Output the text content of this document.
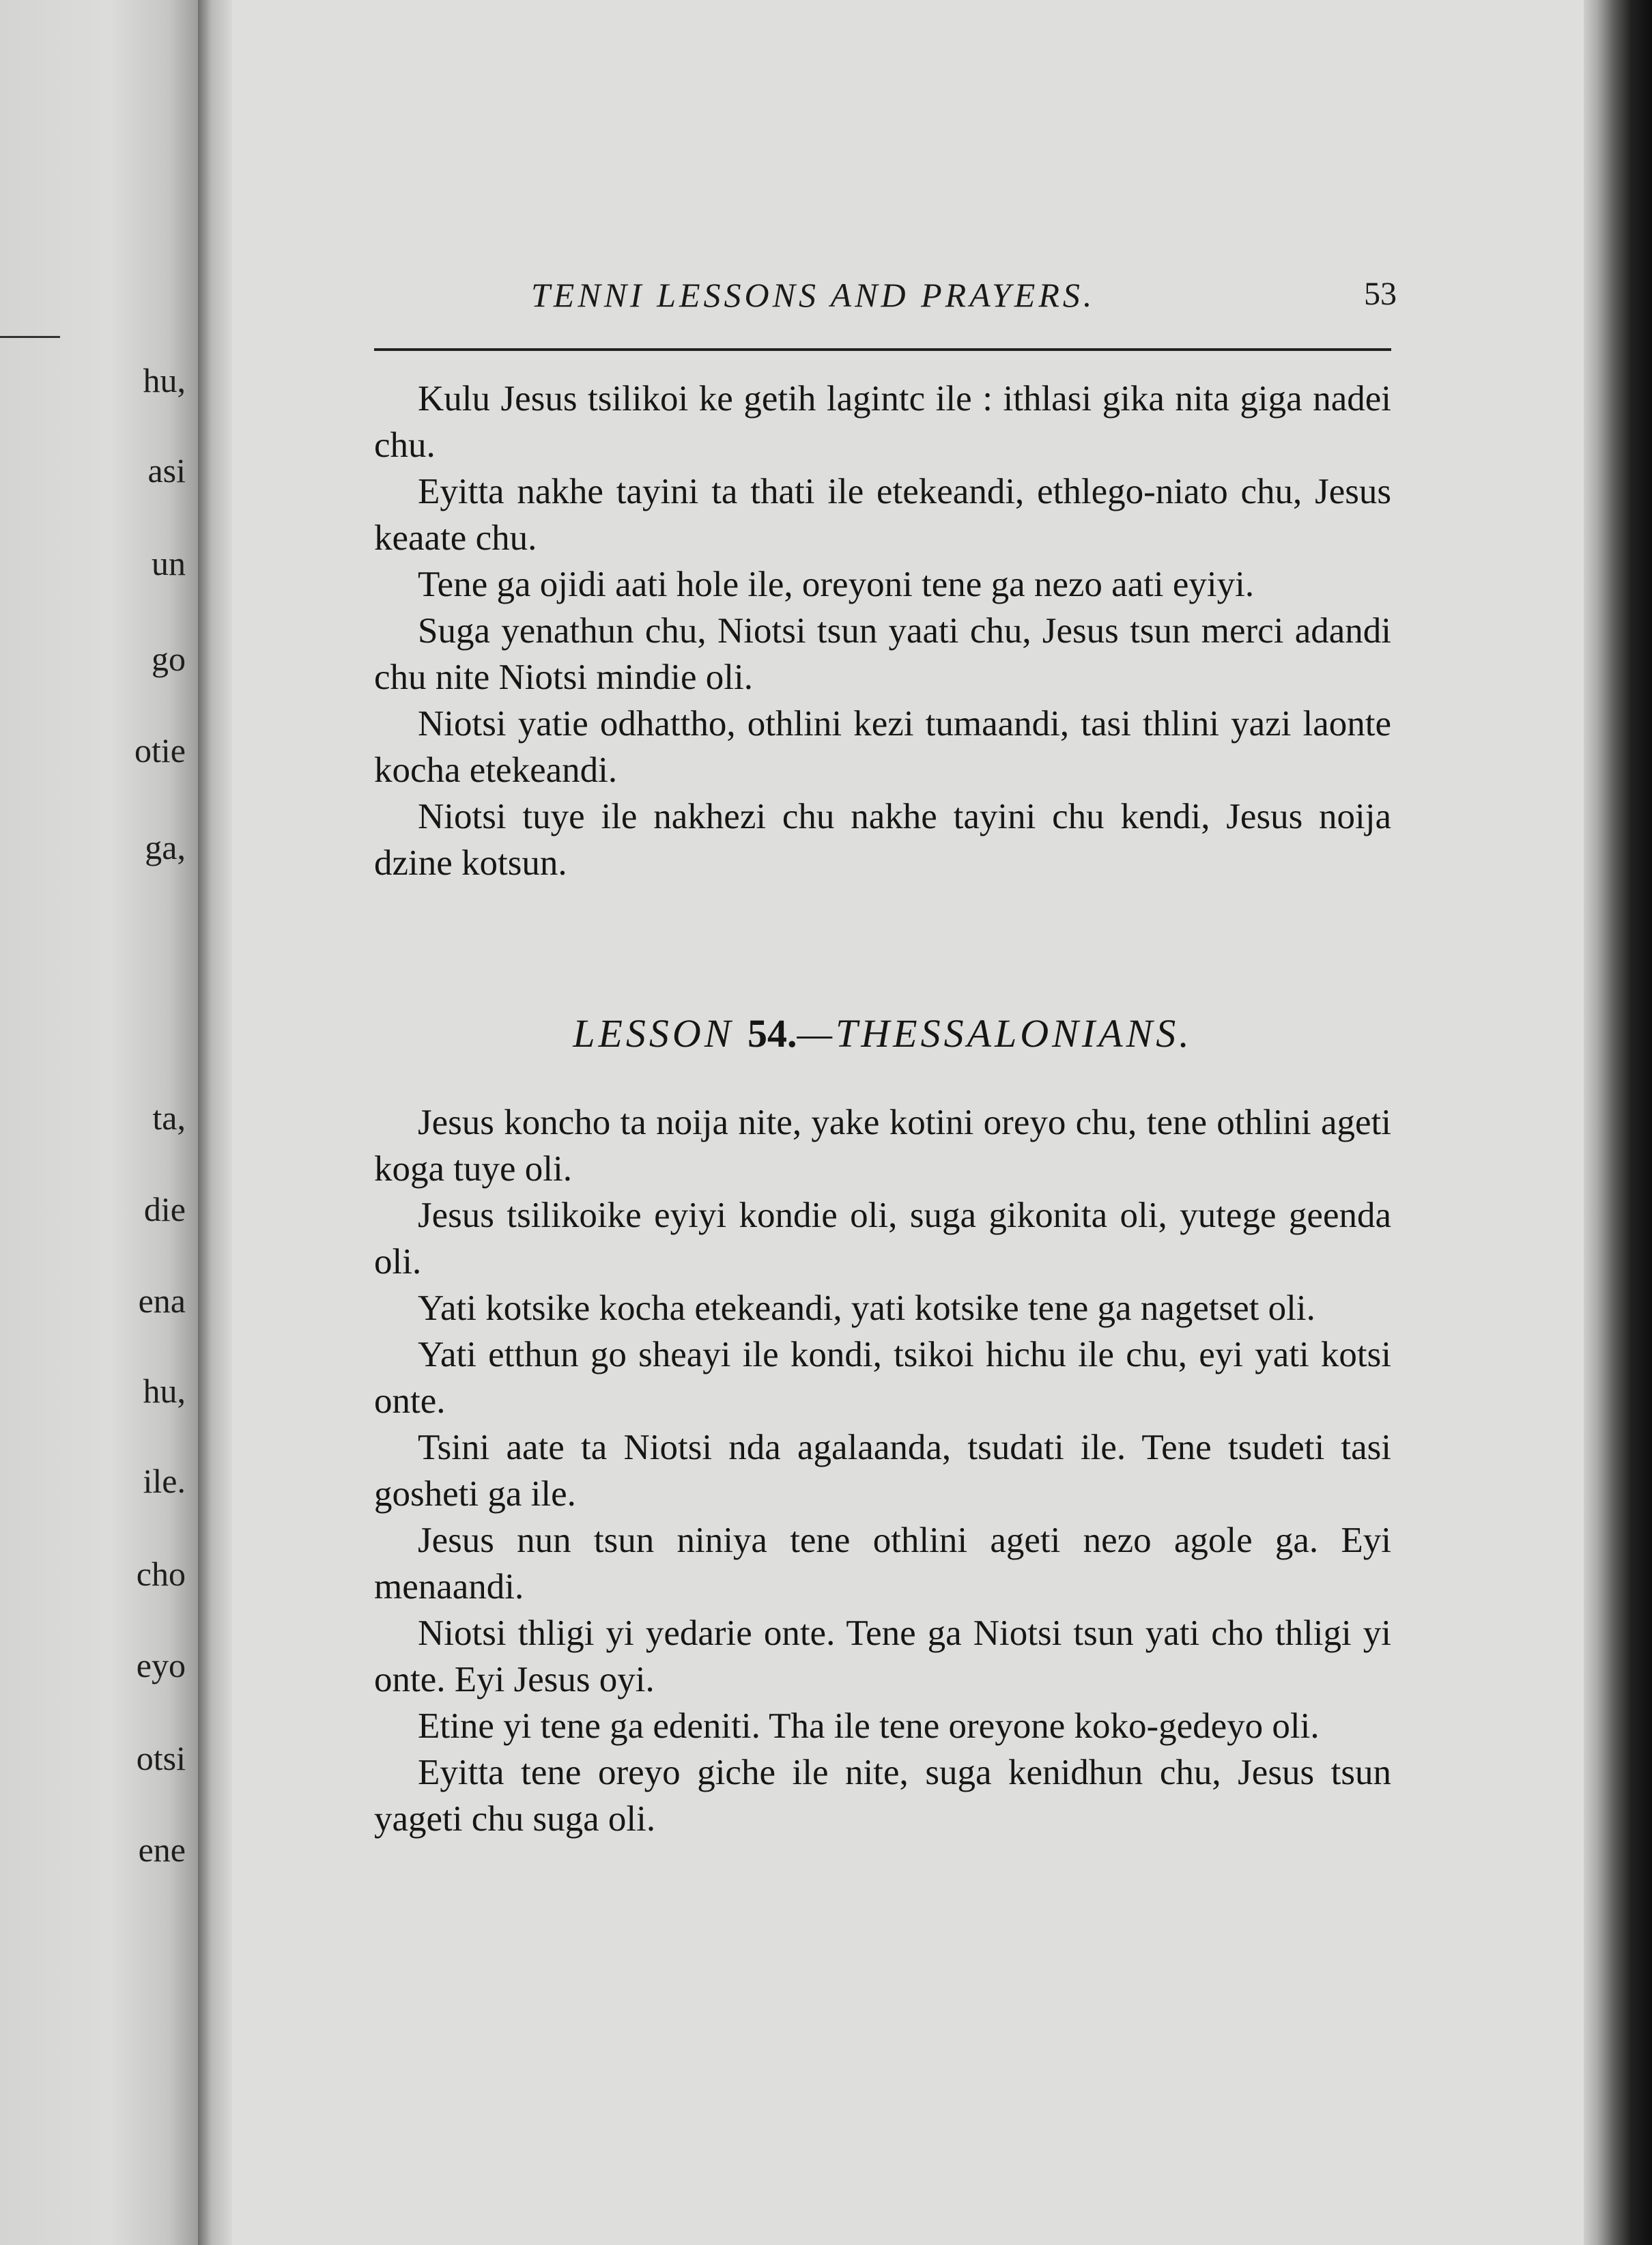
hu,
asi
un
go
otie
ga,
ta,
die
ena
hu,
ile.
cho
eyo
otsi
ene
TENNI LESSONS AND PRAYERS.	53

Kulu Jesus tsilikoi ke getih lagintc ile : ithlasi gika nita giga nadei chu.

Eyitta nakhe tayini ta thati ile etekeandi, ethlego-niato chu, Jesus keaate chu.

Tene ga ojidi aati hole ile, oreyoni tene ga nezo aati eyiyi.

Suga yenathun chu, Niotsi tsun yaati chu, Jesus tsun merci adandi chu nite Niotsi mindie oli.

Niotsi yatie odhattho, othlini kezi tumaandi, tasi thlini yazi laonte kocha etekeandi.

Niotsi tuye ile nakhezi chu nakhe tayini chu kendi, Jesus noija dzine kotsun.

LESSON 54.—THESSALONIANS.

Jesus koncho ta noija nite, yake kotini oreyo chu, tene othlini ageti koga tuye oli.

Jesus tsilikoike eyiyi kondie oli, suga gikonita oli, yutege geenda oli.

Yati kotsike kocha etekeandi, yati kotsike tene ga nagetset oli.

Yati etthun go sheayi ile kondi, tsikoi hichu ile chu, eyi yati kotsi onte.

Tsini aate ta Niotsi nda agalaanda, tsudati ile. Tene tsudeti tasi gosheti ga ile.

Jesus nun tsun niniya tene othlini ageti nezo agole ga. Eyi menaandi.

Niotsi thligi yi yedarie onte. Tene ga Niotsi tsun yati cho thligi yi onte. Eyi Jesus oyi.

Etine yi tene ga edeniti. Tha ile tene oreyone koko-gedeyo oli.

Eyitta tene oreyo giche ile nite, suga kenidhun chu, Jesus tsun yageti chu suga oli.
